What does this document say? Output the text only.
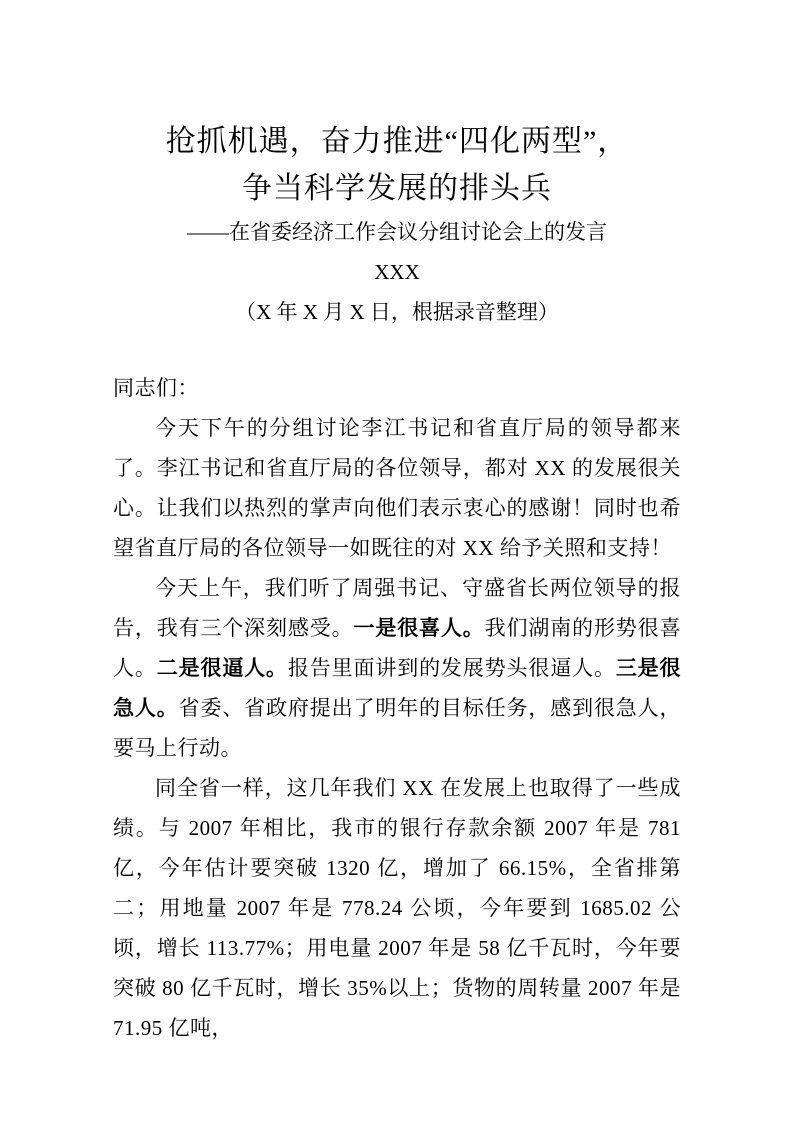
抢抓机遇，奋力推进“四化两型”，
争当科学发展的排头兵
——在省委经济工作会议分组讨论会上的发言
XXX
（X 年 X 月 X 日，根据录音整理）

同志们：

今天下午的分组讨论李江书记和省直厅局的领导都来了。李江书记和省直厅局的各位领导，都对 XX 的发展很关心。让我们以热烈的掌声向他们表示衷心的感谢！同时也希望省直厅局的各位领导一如既往的对 XX 给予关照和支持！

今天上午，我们听了周强书记、守盛省长两位领导的报告，我有三个深刻感受。一是很喜人。我们湖南的形势很喜人。二是很逼人。报告里面讲到的发展势头很逼人。三是很急人。省委、省政府提出了明年的目标任务，感到很急人，要马上行动。

同全省一样，这几年我们 XX 在发展上也取得了一些成绩。与 2007 年相比，我市的银行存款余额 2007 年是 781 亿，今年估计要突破 1320 亿，增加了 66.15%，全省排第二；用地量 2007 年是 778.24 公顷，今年要到 1685.02 公顷，增长 113.77%；用电量 2007 年是 58 亿千瓦时，今年要突破 80 亿千瓦时，增长 35%以上；货物的周转量 2007 年是 71.95 亿吨，
